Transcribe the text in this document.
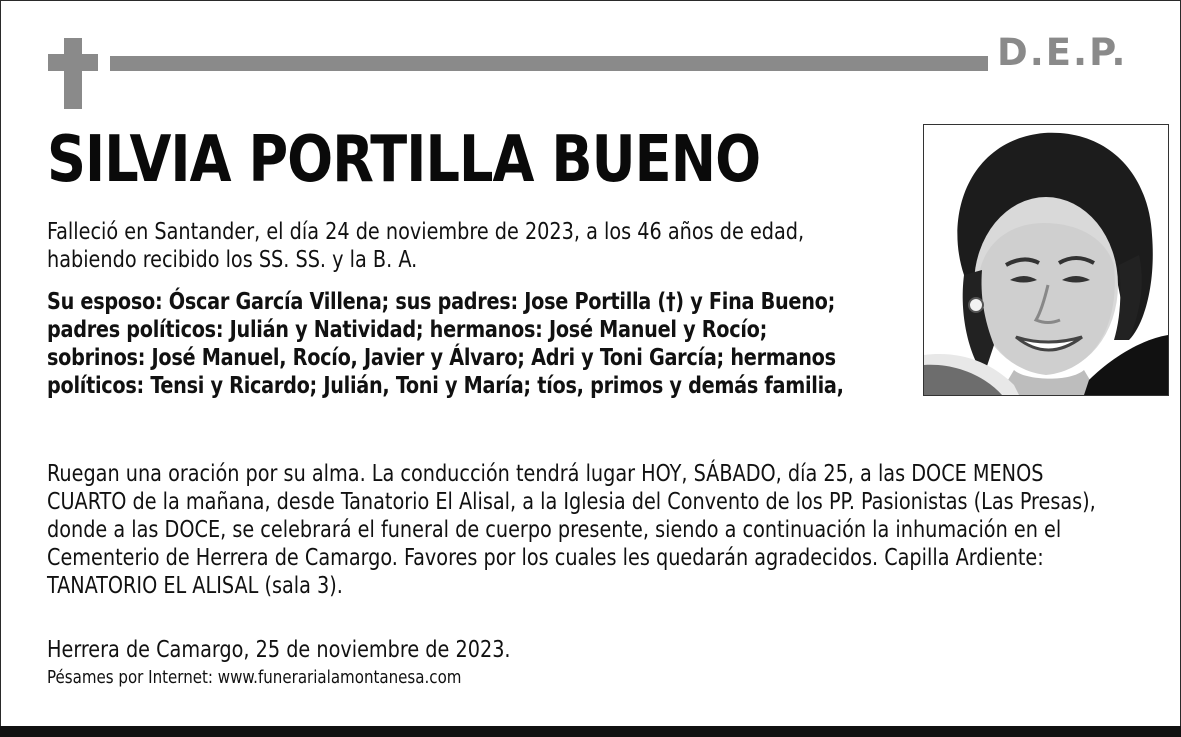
D.E.P.
SILVIA PORTILLA BUENO

Falleció en Santander, el día 24 de noviembre de 2023, a los 46 años de edad, habiendo recibido los SS. SS. y la B. A.

Su esposo: Óscar García Villena; sus padres: Jose Portilla (†) y Fina Bueno; padres políticos: Julián y Natividad; hermanos: José Manuel y Rocío; sobrinos: José Manuel, Rocío, Javier y Álvaro; Adri y Toni García; hermanos políticos: Tensi y Ricardo; Julián, Toni y María; tíos, primos y demás familia,

Ruegan una oración por su alma. La conducción tendrá lugar HOY, SÁBADO, día 25, a las DOCE MENOS CUARTO de la mañana, desde Tanatorio El Alisal, a la Iglesia del Convento de los PP. Pasionistas (Las Presas), donde a las DOCE, se celebrará el funeral de cuerpo presente, siendo a continuación la inhumación en el Cementerio de Herrera de Camargo. Favores por los cuales les quedarán agradecidos. Capilla Ardiente: TANATORIO EL ALISAL (sala 3).

Herrera de Camargo, 25 de noviembre de 2023.

Pésames por Internet: www.funerarialamontanesa.com
